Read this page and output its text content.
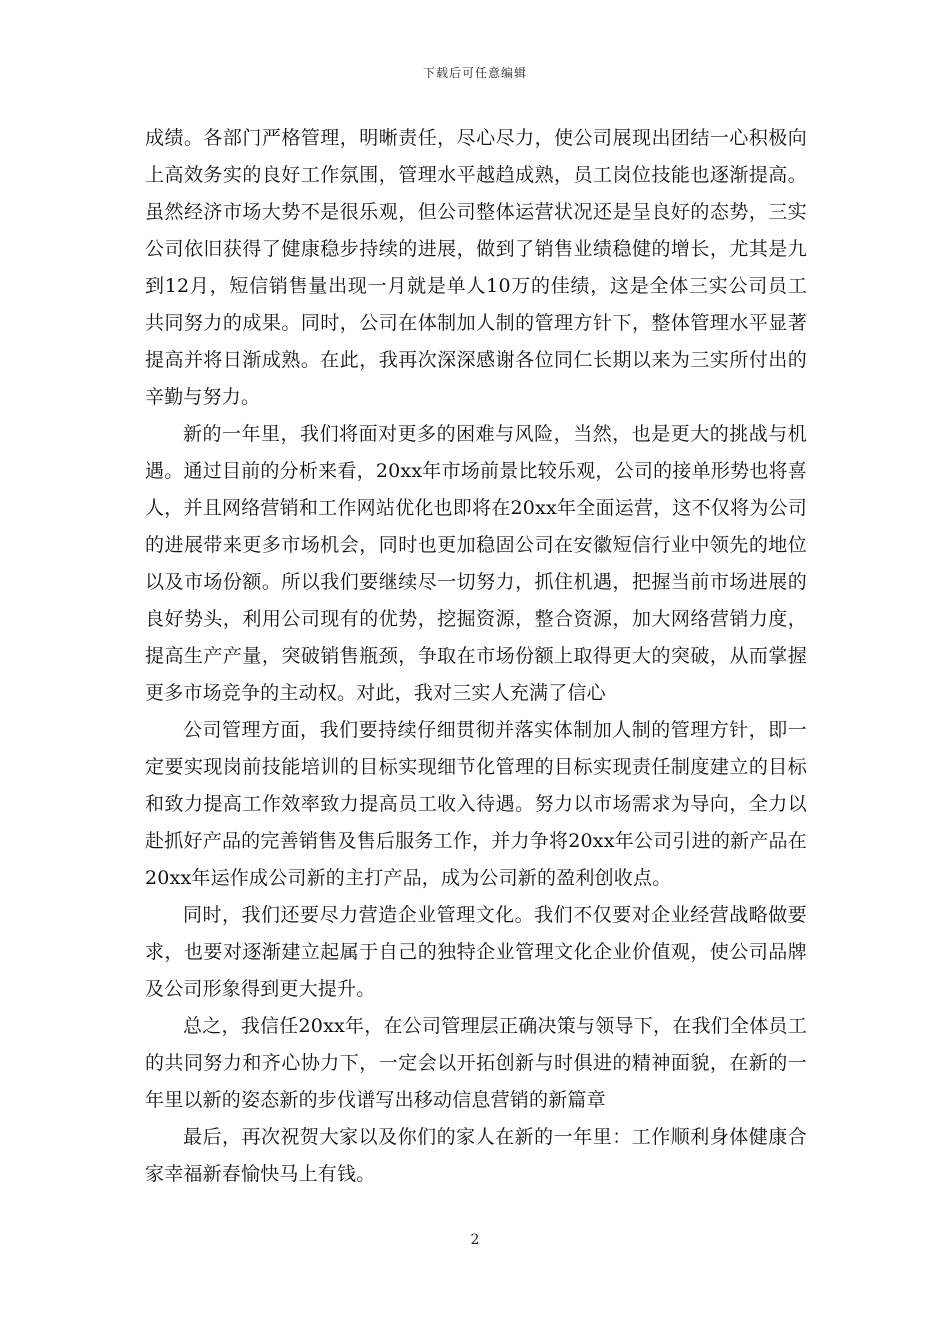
下载后可任意编辑

成绩。各部门严格管理，明晰责任，尽心尽力，使公司展现出团结一心积极向上高效务实的良好工作氛围，管理水平越趋成熟，员工岗位技能也逐渐提高。虽然经济市场大势不是很乐观，但公司整体运营状况还是呈良好的态势，三实公司依旧获得了健康稳步持续的进展，做到了销售业绩稳健的增长，尤其是九到12月，短信销售量出现一月就是单人10万的佳绩，这是全体三实公司员工共同努力的成果。同时，公司在体制加人制的管理方针下，整体管理水平显著提高并将日渐成熟。在此，我再次深深感谢各位同仁长期以来为三实所付出的辛勤与努力。

新的一年里，我们将面对更多的困难与风险，当然，也是更大的挑战与机遇。通过目前的分析来看，20xx年市场前景比较乐观，公司的接单形势也将喜人，并且网络营销和工作网站优化也即将在20xx年全面运营，这不仅将为公司的进展带来更多市场机会，同时也更加稳固公司在安徽短信行业中领先的地位以及市场份额。所以我们要继续尽一切努力，抓住机遇，把握当前市场进展的良好势头，利用公司现有的优势，挖掘资源，整合资源，加大网络营销力度，提高生产产量，突破销售瓶颈，争取在市场份额上取得更大的突破，从而掌握更多市场竞争的主动权。对此，我对三实人充满了信心

公司管理方面，我们要持续仔细贯彻并落实体制加人制的管理方针，即一定要实现岗前技能培训的目标实现细节化管理的目标实现责任制度建立的目标和致力提高工作效率致力提高员工收入待遇。努力以市场需求为导向，全力以赴抓好产品的完善销售及售后服务工作，并力争将20xx年公司引进的新产品在20xx年运作成公司新的主打产品，成为公司新的盈利创收点。

同时，我们还要尽力营造企业管理文化。我们不仅要对企业经营战略做要求，也要对逐渐建立起属于自己的独特企业管理文化企业价值观，使公司品牌及公司形象得到更大提升。

总之，我信任20xx年，在公司管理层正确决策与领导下，在我们全体员工的共同努力和齐心协力下，一定会以开拓创新与时俱进的精神面貌，在新的一年里以新的姿态新的步伐谱写出移动信息营销的新篇章

最后，再次祝贺大家以及你们的家人在新的一年里：工作顺利身体健康合家幸福新春愉快马上有钱。

2
